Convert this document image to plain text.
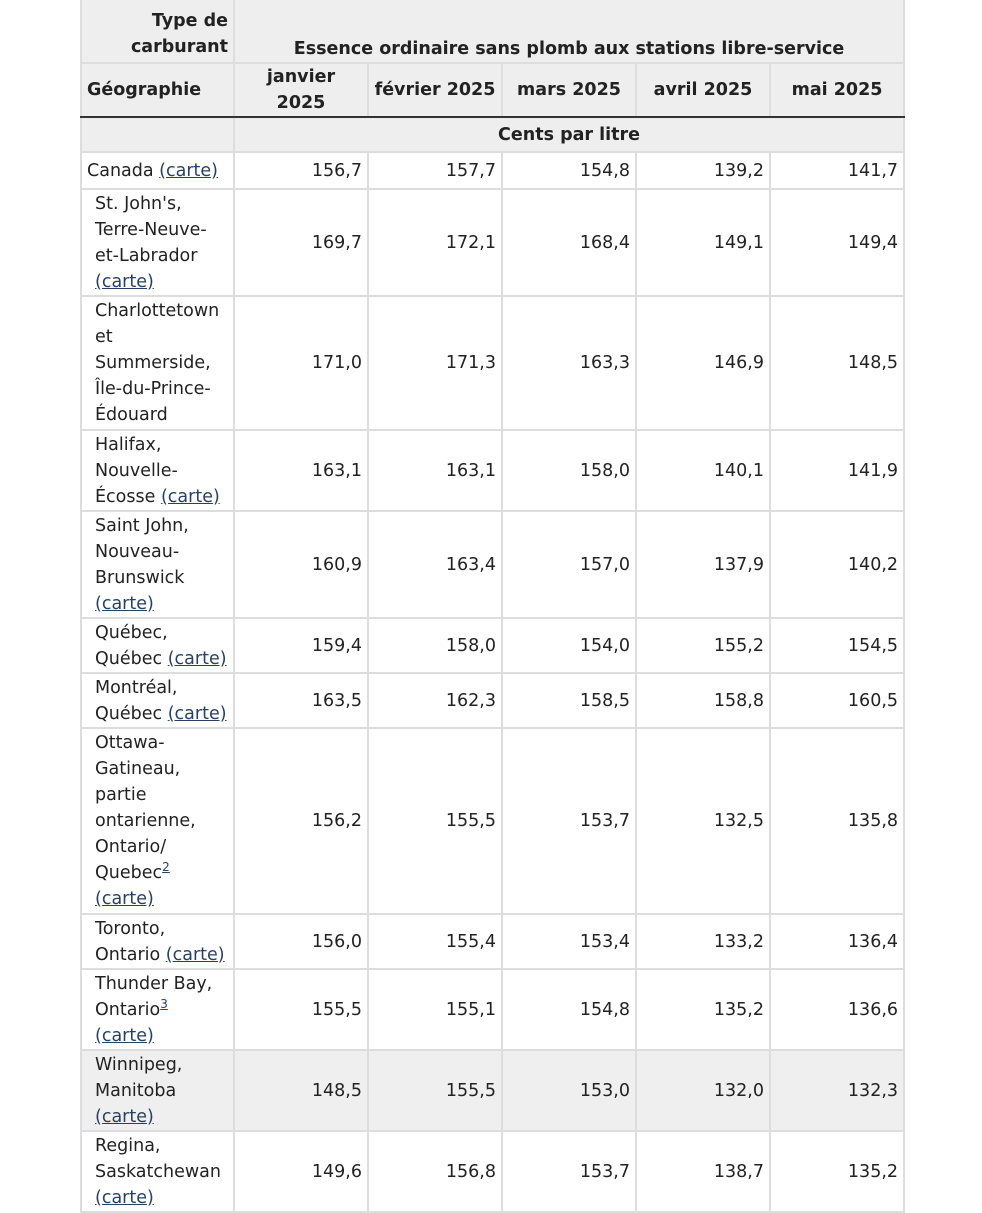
Type de carburant	Essence ordinaire sans plomb aux stations libre-service				
Géographie	janvier 2025	février 2025	mars 2025	avril 2025	mai 2025
	Cents par litre				
Canada (carte)	156,7	157,7	154,8	139,2	141,7
St. John's, Terre-Neuve-et-Labrador (carte)	169,7	172,1	168,4	149,1	149,4
Charlottetown et Summerside, Île-du-Prince-Édouard	171,0	171,3	163,3	146,9	148,5
Halifax, Nouvelle-Écosse (carte)	163,1	163,1	158,0	140,1	141,9
Saint John, Nouveau-Brunswick (carte)	160,9	163,4	157,0	137,9	140,2
Québec, Québec (carte)	159,4	158,0	154,0	155,2	154,5
Montréal, Québec (carte)	163,5	162,3	158,5	158,8	160,5
Ottawa-Gatineau, partie ontarienne, Ontario/ Quebec$^2$ (carte)	156,2	155,5	153,7	132,5	135,8
Toronto, Ontario (carte)	156,0	155,4	153,4	133,2	136,4
Thunder Bay, Ontario$^3$ (carte)	155,5	155,1	154,8	135,2	136,6
Winnipeg, Manitoba (carte)	148,5	155,5	153,0	132,0	132,3
Regina, Saskatchewan (carte)	149,6	156,8	153,7	138,7	135,2
